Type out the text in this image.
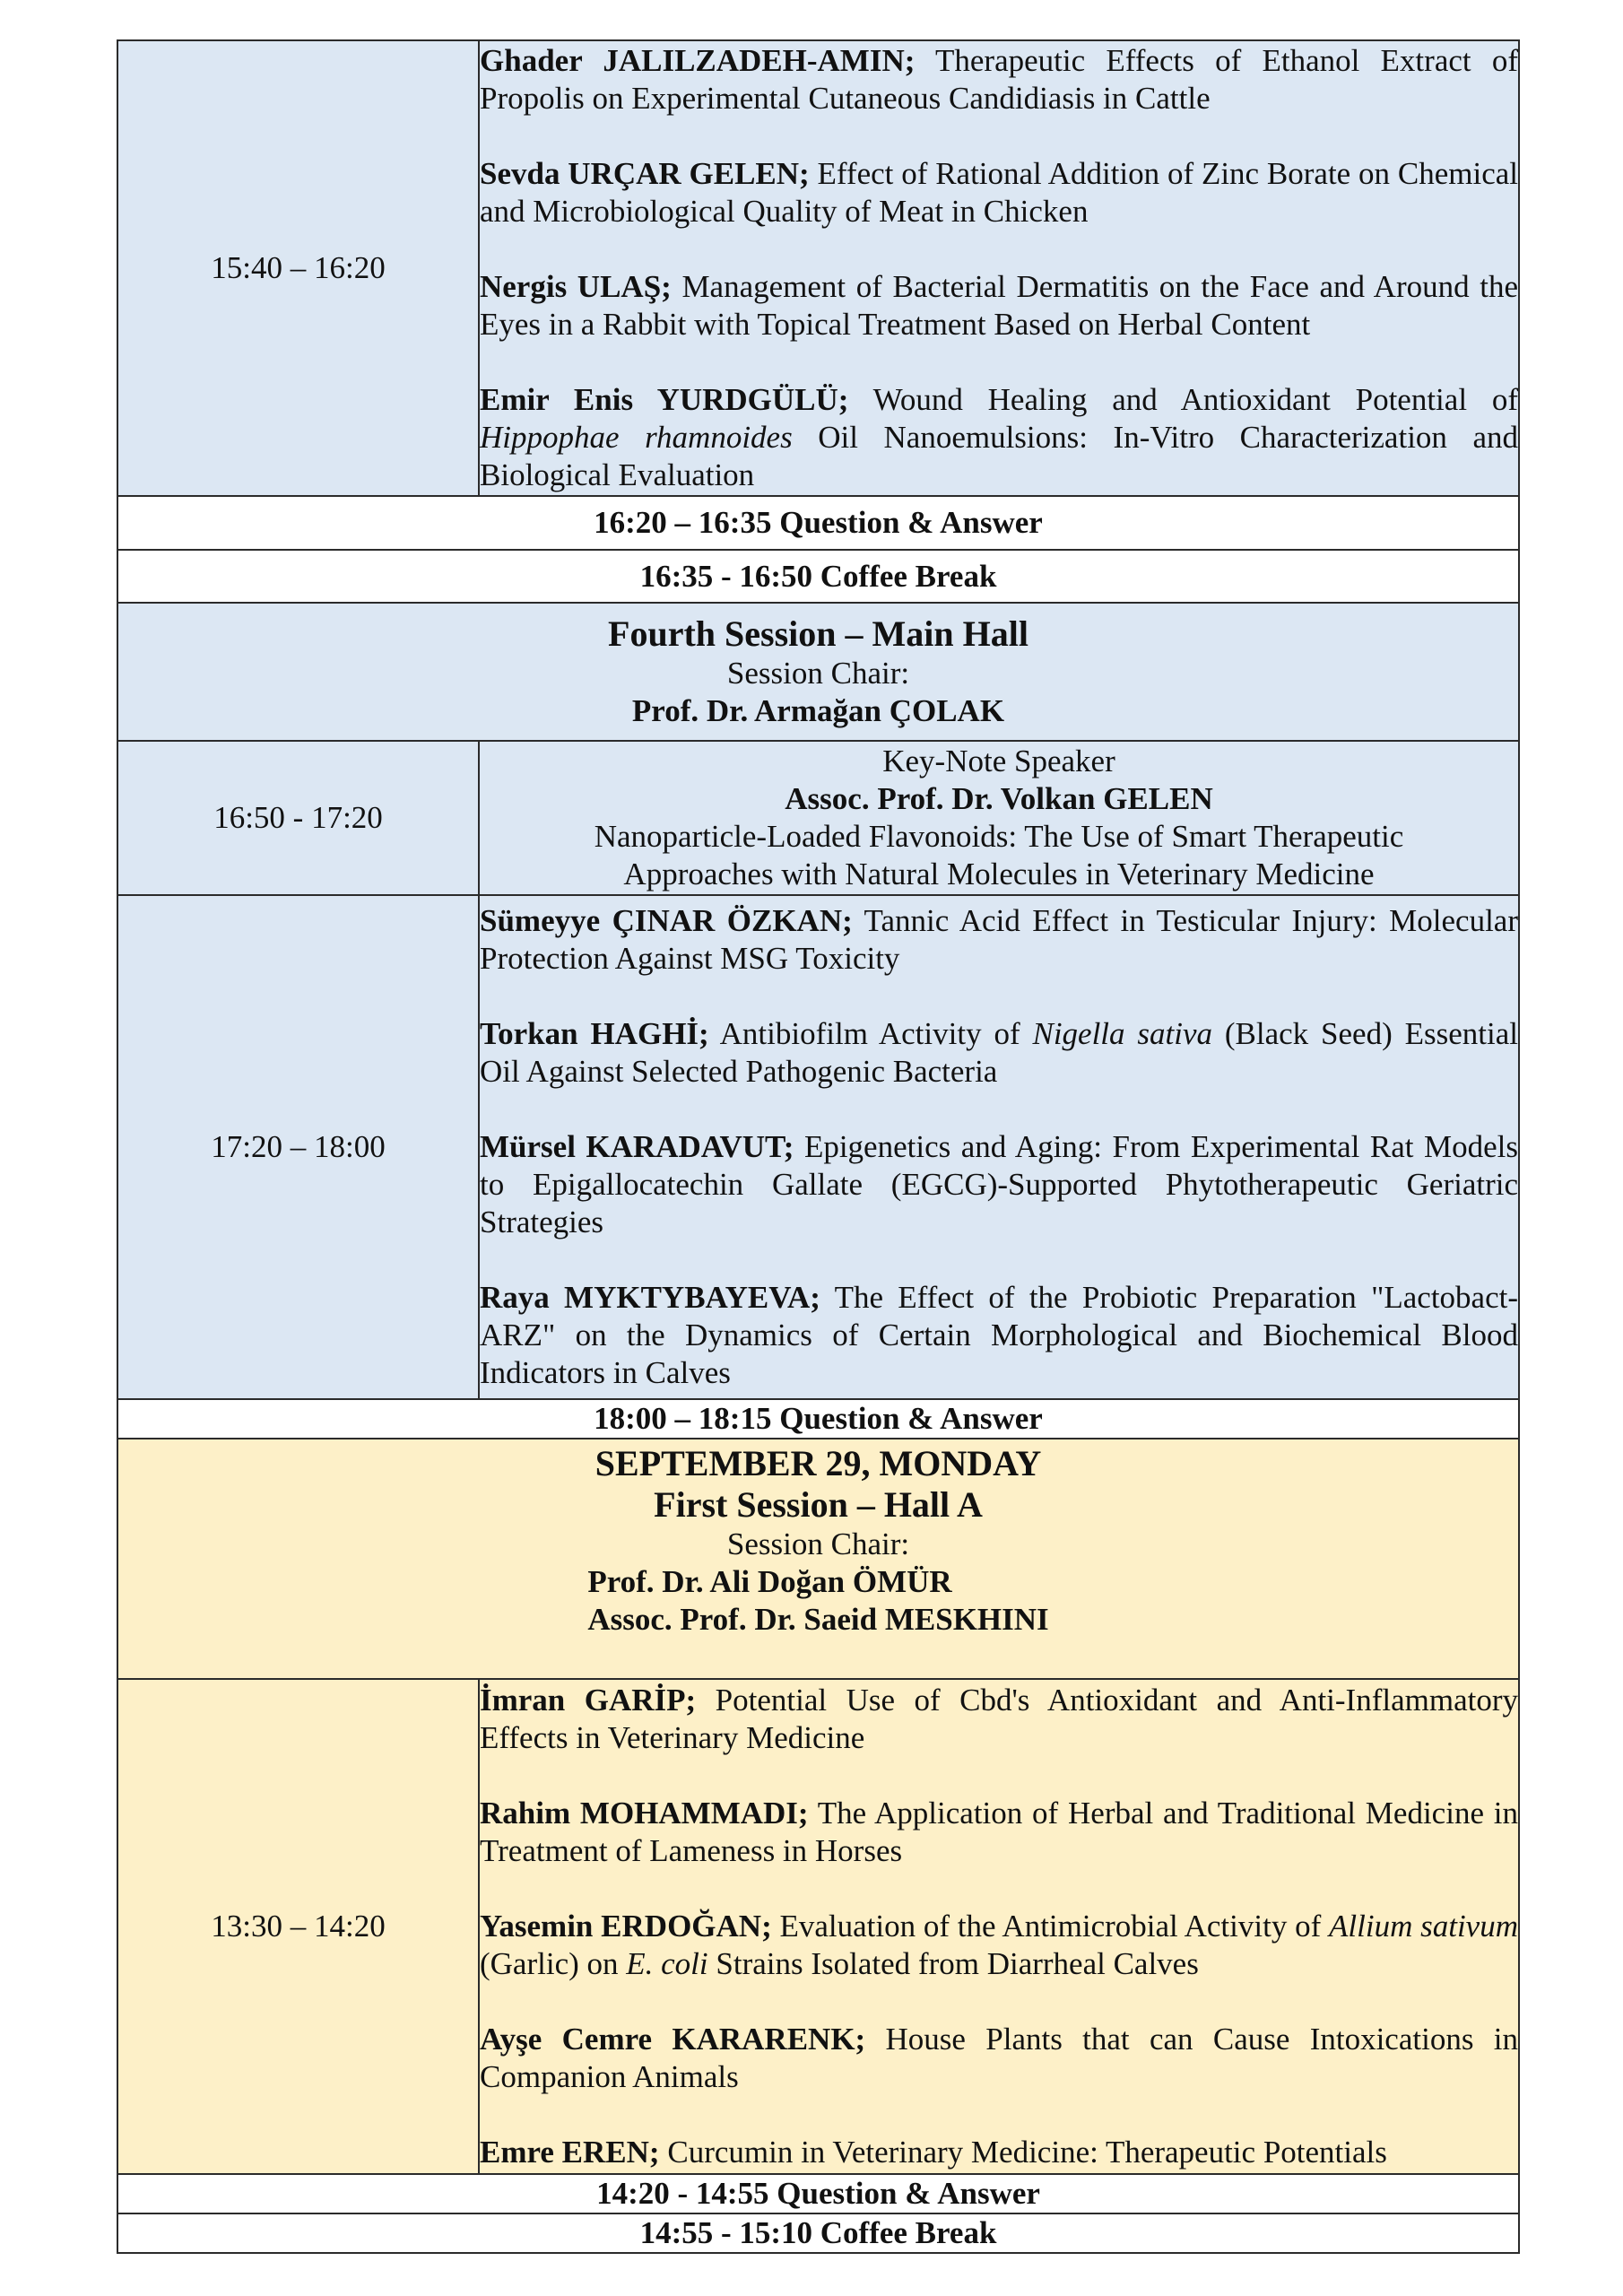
15:40 – 16:20	Ghader JALILZADEH-AMIN; Therapeutic Effects of Ethanol Extract of Propolis on Experimental Cutaneous Candidiasis in Cattle
Sevda URÇAR GELEN; Effect of Rational Addition of Zinc Borate on Chemical and Microbiological Quality of Meat in Chicken
Nergis ULAŞ; Management of Bacterial Dermatitis on the Face and Around the Eyes in a Rabbit with Topical Treatment Based on Herbal Content
Emir Enis YURDGÜLÜ; Wound Healing and Antioxidant Potential of Hippophae rhamnoides Oil Nanoemulsions: In-Vitro Characterization and Biological Evaluation

16:20 – 16:35 Question & Answer	
16:35 - 16:50 Coffee Break	

Fourth Session – Main Hall
Session Chair:
Prof. Dr. Armağan ÇOLAK	

16:50 - 17:20	Key-Note Speaker
Assoc. Prof. Dr. Volkan GELEN
Nanoparticle-Loaded Flavonoids: The Use of Smart Therapeutic
Approaches with Natural Molecules in Veterinary Medicine

17:20 – 18:00	Sümeyye ÇINAR ÖZKAN; Tannic Acid Effect in Testicular Injury: Molecular Protection Against MSG Toxicity
Torkan HAGHİ; Antibiofilm Activity of Nigella sativa (Black Seed) Essential Oil Against Selected Pathogenic Bacteria
Mürsel KARADAVUT; Epigenetics and Aging: From Experimental Rat Models to Epigallocatechin Gallate (EGCG)-Supported Phytotherapeutic Geriatric Strategies
Raya MYKTYBAYEVA; The Effect of the Probiotic Preparation "Lactobact-ARZ" on the Dynamics of Certain Morphological and Biochemical Blood Indicators in Calves

18:00 – 18:15 Question & Answer	

SEPTEMBER 29, MONDAY
First Session – Hall A
Session Chair:
Prof. Dr. Ali Doğan ÖMÜR
Assoc. Prof. Dr. Saeid MESKHINI	

13:30 – 14:20	İmran GARİP; Potential Use of Cbd's Antioxidant and Anti-Inflammatory Effects in Veterinary Medicine
Rahim MOHAMMADI; The Application of Herbal and Traditional Medicine in Treatment of Lameness in Horses
Yasemin ERDOĞAN; Evaluation of the Antimicrobial Activity of Allium sativum (Garlic) on E. coli Strains Isolated from Diarrheal Calves
Ayşe Cemre KARARENK; House Plants that can Cause Intoxications in Companion Animals
Emre EREN; Curcumin in Veterinary Medicine: Therapeutic Potentials

14:20 - 14:55 Question & Answer	
14:55 - 15:10 Coffee Break	
